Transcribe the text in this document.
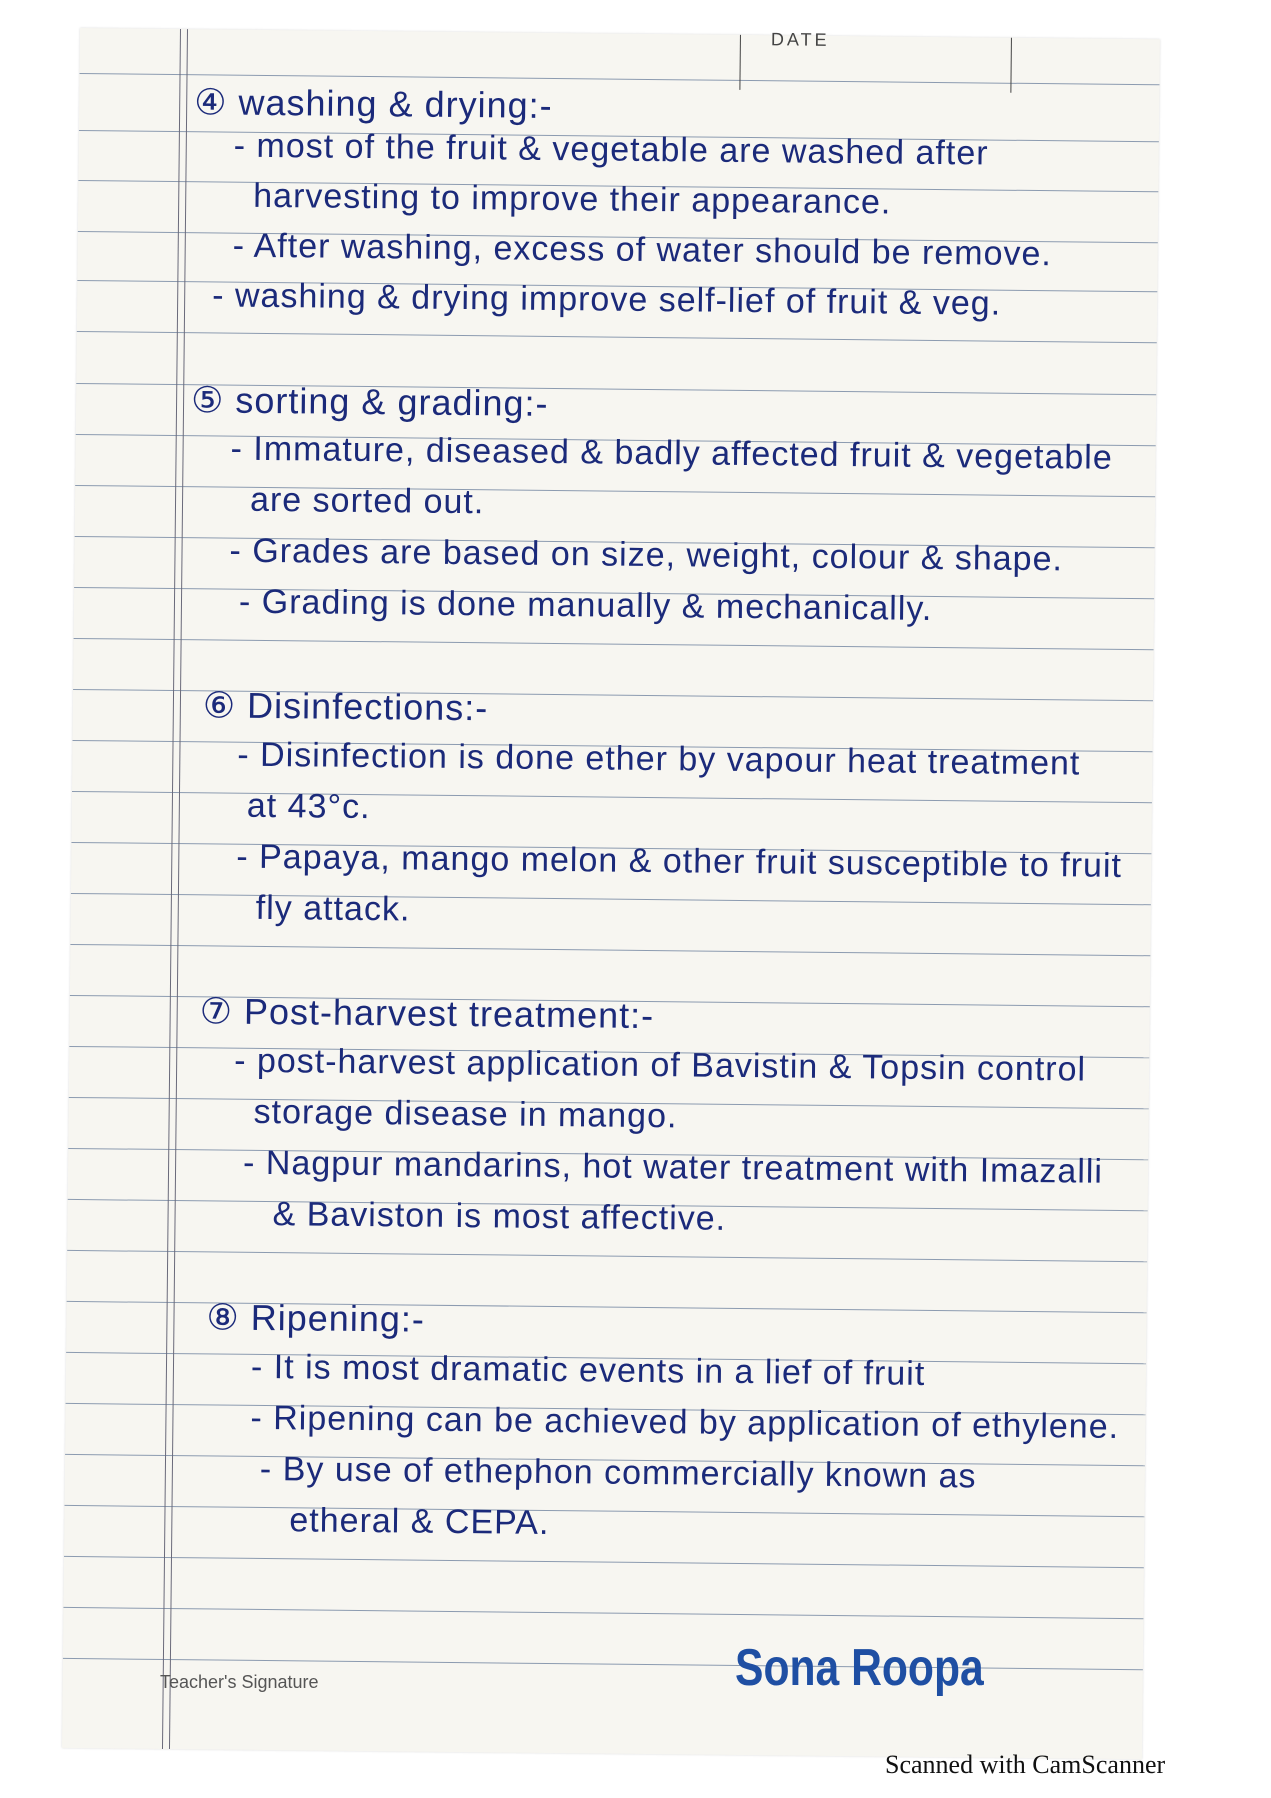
DATE
④ washing & drying:-
- most of the fruit & vegetable are washed after
harvesting to improve their appearance.
- After washing, excess of water should be remove.
- washing & drying improve self-lief of fruit & veg.
⑤ sorting & grading:-
- Immature, diseased & badly affected fruit & vegetable
are sorted out.
- Grades are based on size, weight, colour & shape.
- Grading is done manually & mechanically.
⑥ Disinfections:-
- Disinfection is done ether by vapour heat treatment
at 43°c.
- Papaya, mango melon & other fruit susceptible to fruit
fly attack.
⑦ Post-harvest treatment:-
- post-harvest application of Bavistin & Topsin control
storage disease in mango.
- Nagpur mandarins, hot water treatment with Imazalli
& Baviston is most affective.
⑧ Ripening:-
- It is most dramatic events in a lief of fruit
- Ripening can be achieved by application of ethylene.
- By use of ethephon commercially known as
etheral & CEPA.
Teacher's Signature	Sona Roopa
Scanned with CamScanner
